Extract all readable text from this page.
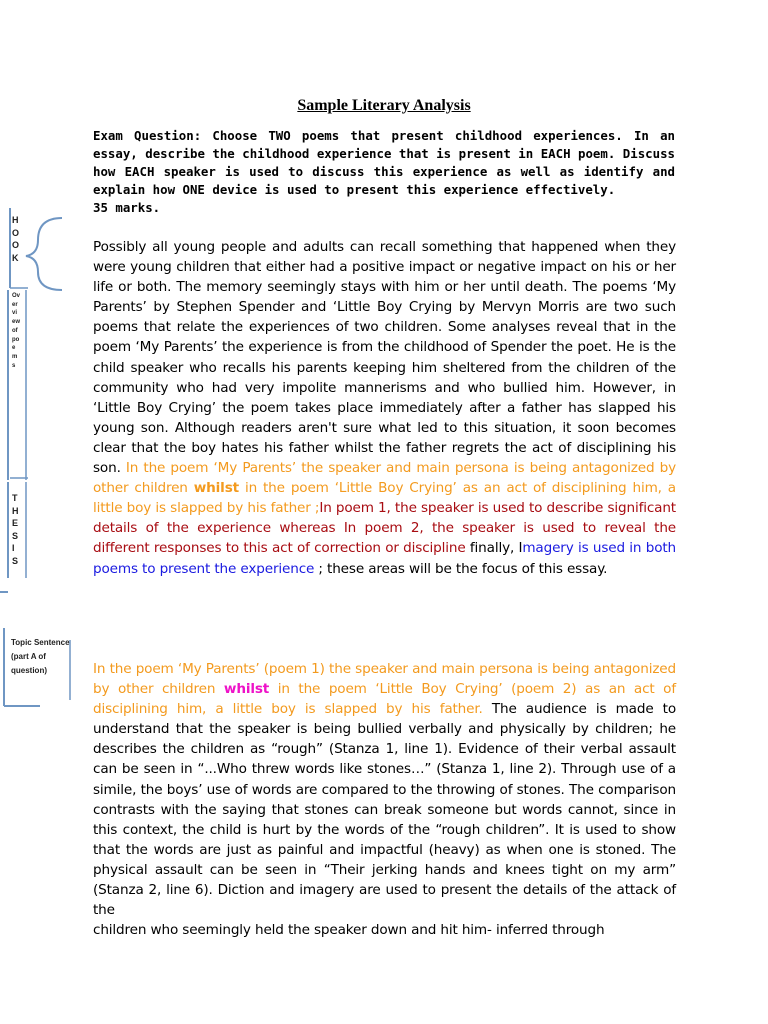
HOOK
Overview of poems
THESIS
Topic Sentence (part A of question)
Sample Literary Analysis
Exam Question: Choose TWO poems that present childhood experiences. In an essay, describe the childhood experience that is present in EACH poem. Discuss how EACH speaker is used to discuss this experience as well as identify and explain how ONE device is used to present this experience effectively.
35 marks.

Possibly all young people and adults can recall something that happened when they were young children that either had a positive impact or negative impact on his or her life or both. The memory seemingly stays with him or her until death. The poems ‘My Parents’ by Stephen Spender and ‘Little Boy Crying by Mervyn Morris are two such poems that relate the experiences of two children. Some analyses reveal that in the poem ‘My Parents’ the experience is from the childhood of Spender the poet. He is the child speaker who recalls his parents keeping him sheltered from the children of the community who had very impolite mannerisms and who bullied him. However, in ‘Little Boy Crying’ the poem takes place immediately after a father has slapped his young son. Although readers aren't sure what led to this situation, it soon becomes clear that the boy hates his father whilst the father regrets the act of disciplining his son. In the poem ‘My Parents’ the speaker and main persona is being antagonized by other children whilst in the poem ‘Little Boy Crying’ as an act of disciplining him, a little boy is slapped by his father ;In poem 1, the speaker is used to describe significant details of the experience whereas In poem 2, the speaker is used to reveal the different responses to this act of correction or discipline finally, Imagery is used in both poems to present the experience ; these areas will be the focus of this essay.

In the poem ‘My Parents’ (poem 1) the speaker and main persona is being antagonized by other children whilst in the poem ‘Little Boy Crying’ (poem 2) as an act of disciplining him, a little boy is slapped by his father. The audience is made to understand that the speaker is being bullied verbally and physically by children; he describes the children as “rough” (Stanza 1, line 1). Evidence of their verbal assault can be seen in “...Who threw words like stones…” (Stanza 1, line 2). Through use of a simile, the boys’ use of words are compared to the throwing of stones. The comparison contrasts with the saying that stones can break someone but words cannot, since in this context, the child is hurt by the words of the “rough children”. It is used to show that the words are just as painful and impactful (heavy) as when one is stoned. The physical assault can be seen in “Their jerking hands and knees tight on my arm” (Stanza 2, line 6). Diction and imagery are used to present the details of the attack of the
children who seemingly held the speaker down and hit him- inferred through
